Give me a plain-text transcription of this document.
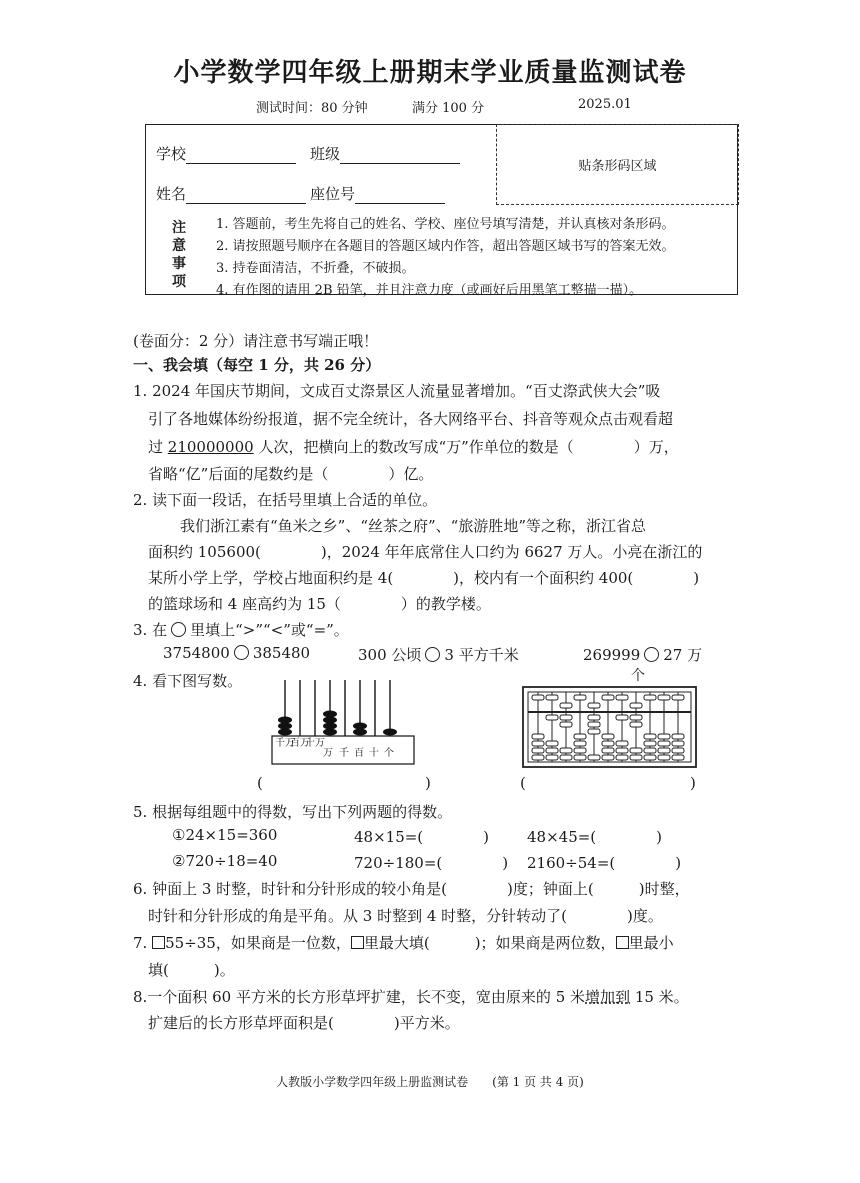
小学数学四年级上册期末学业质量监测试卷
测试时间：80 分钟	满分 100 分	2025.01
学校	班级
姓名	座位号
贴条形码区域
注
意
事
项
1. 答题前，考生先将自己的姓名、学校、座位号填写清楚，并认真核对条形码。
2. 请按照题号顺序在各题目的答题区域内作答，超出答题区域书写的答案无效。
3. 持卷面清洁，不折叠，不破损。
4. 有作图的请用 2B 铅笔，并且注意力度（或画好后用黑笔工整描一描）。
(卷面分：2 分）请注意书写端正哦！
一、我会填（每空 1 分，共 26 分）
1. 2024 年国庆节期间，文成百丈漈景区人流量显著增加。“百丈漈武侠大会”吸
引了各地媒体纷纷报道，据不完全统计，各大网络平台、抖音等观众点击观看超
过 210000000 人次，把横向上的数改写成“万”作单位的数是（　　　　）万，
省略“亿”后面的尾数约是（　　　　）亿。
2. 读下面一段话，在括号里填上合适的单位。
我们浙江素有“鱼米之乡”、“丝茶之府”、“旅游胜地”等之称，浙江省总
面积约 105600(　　　　)，2024 年年底常住人口约为 6627 万人。小亮在浙江的
某所小学上学，学校占地面积约是 4(　　　　)，校内有一个面积约 400(　　　　)
的篮球场和 4 座高约为 15（　　　　）的教学楼。
3. 在 里填上“>”“<”或“=”。
3754800 385480	300 公顷 3 平方千米	269999 27 万
4. 看下图写数。	个
千万
百万
十万
万 千 百 十 个
(	)	(	)
5. 根据每组题中的得数，写出下列两题的得数。
①24×15=360	48×15=(　　　　)	48×45=(　　　　)
②720÷18=40	720÷180=(　　　　) 2160÷54=(　　　　)
6. 钟面上 3 时整，时针和分针形成的较小角是(　　　　)度；钟面上(　　　)时整，
时针和分针形成的角是平角。从 3 时整到 4 时整，分针转动了(　　　　)度。
7. 55÷35，如果商是一位数， 里最大填(　　　)；如果商是两位数， 里最小
填(　　　)。
8.一个面积 60 平方米的长方形草坪扩建，长不变，宽由原来的 5 米增加到 15 米。
扩建后的长方形草坪面积是(　　　　)平方米。
人教版小学数学四年级上册监测试卷　　(第 1 页 共 4 页)
